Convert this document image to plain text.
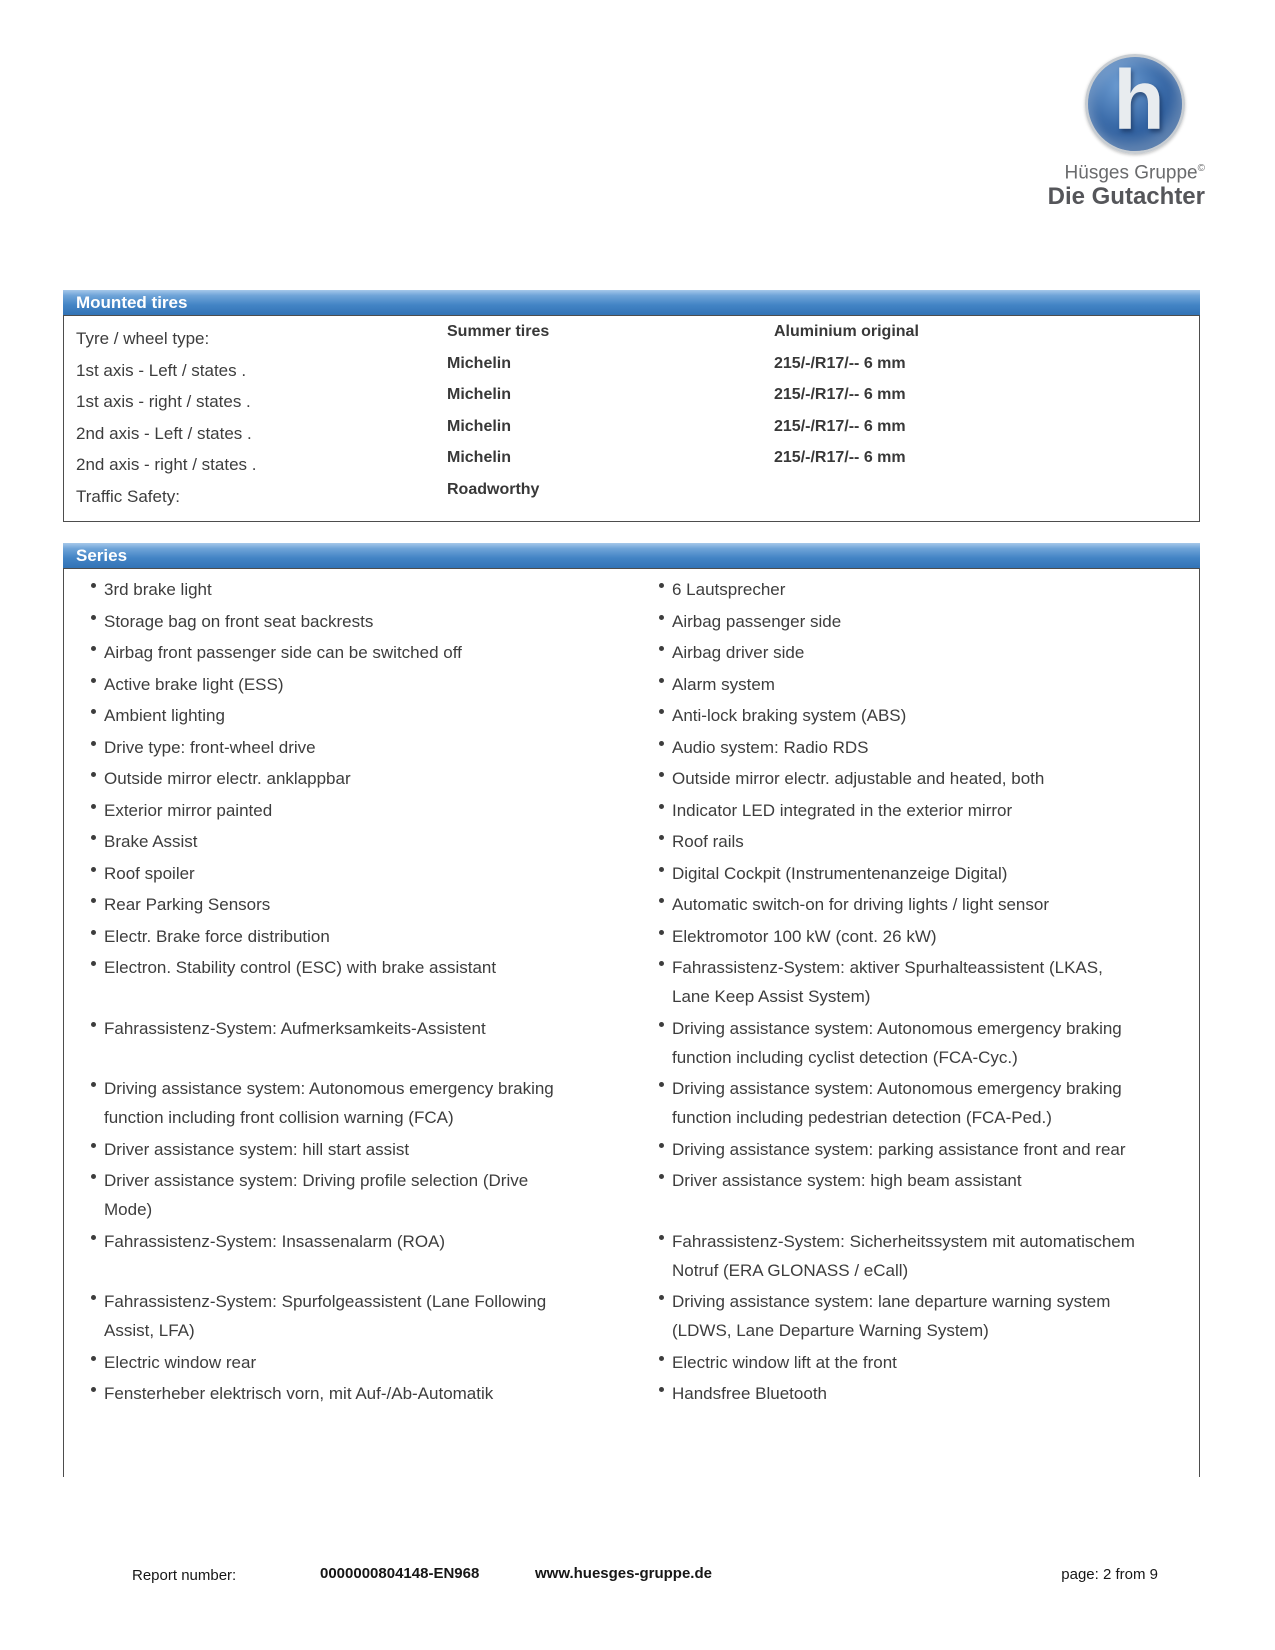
h
Hüsges Gruppe©
Die Gutachter
Mounted tires
Tyre / wheel type:	Summer tires	Aluminium original
1st axis - Left / states .	Michelin	215/-/R17/-- 6 mm
1st axis - right / states .	Michelin	215/-/R17/-- 6 mm
2nd axis - Left / states .	Michelin	215/-/R17/-- 6 mm
2nd axis - right / states .	Michelin	215/-/R17/-- 6 mm
Traffic Safety:	Roadworthy
Series
3rd brake light	6 Lautsprecher
Storage bag on front seat backrests	Airbag passenger side
Airbag front passenger side can be switched off	Airbag driver side
Active brake light (ESS)	Alarm system
Ambient lighting	Anti-lock braking system (ABS)
Drive type: front-wheel drive	Audio system: Radio RDS
Outside mirror electr. anklappbar	Outside mirror electr. adjustable and heated, both
Exterior mirror painted	Indicator LED integrated in the exterior mirror
Brake Assist	Roof rails
Roof spoiler	Digital Cockpit (Instrumentenanzeige Digital)
Rear Parking Sensors	Automatic switch-on for driving lights / light sensor
Electr. Brake force distribution	Elektromotor 100 kW (cont. 26 kW)
Electron. Stability control (ESC) with brake assistant	Fahrassistenz-System: aktiver Spurhalteassistent (LKAS, Lane Keep Assist System)
Fahrassistenz-System: Aufmerksamkeits-Assistent	Driving assistance system: Autonomous emergency braking function including cyclist detection (FCA-Cyc.)
Driving assistance system: Autonomous emergency braking function including front collision warning (FCA)
Driving assistance system: Autonomous emergency braking function including pedestrian detection (FCA-Ped.)
Driver assistance system: hill start assist	Driving assistance system: parking assistance front and rear
Driver assistance system: Driving profile selection (Drive Mode)
Driver assistance system: high beam assistant
Fahrassistenz-System: Insassenalarm (ROA)	Fahrassistenz-System: Sicherheitssystem mit automatischem Notruf (ERA GLONASS / eCall)
Fahrassistenz-System: Spurfolgeassistent (Lane Following Assist, LFA)
Driving assistance system: lane departure warning system (LDWS, Lane Departure Warning System)
Electric window rear	Electric window lift at the front
Fensterheber elektrisch vorn, mit Auf-/Ab-Automatik	Handsfree Bluetooth
Report number:	0000000804148-EN968	www.huesges-gruppe.de	page: 2 from 9
